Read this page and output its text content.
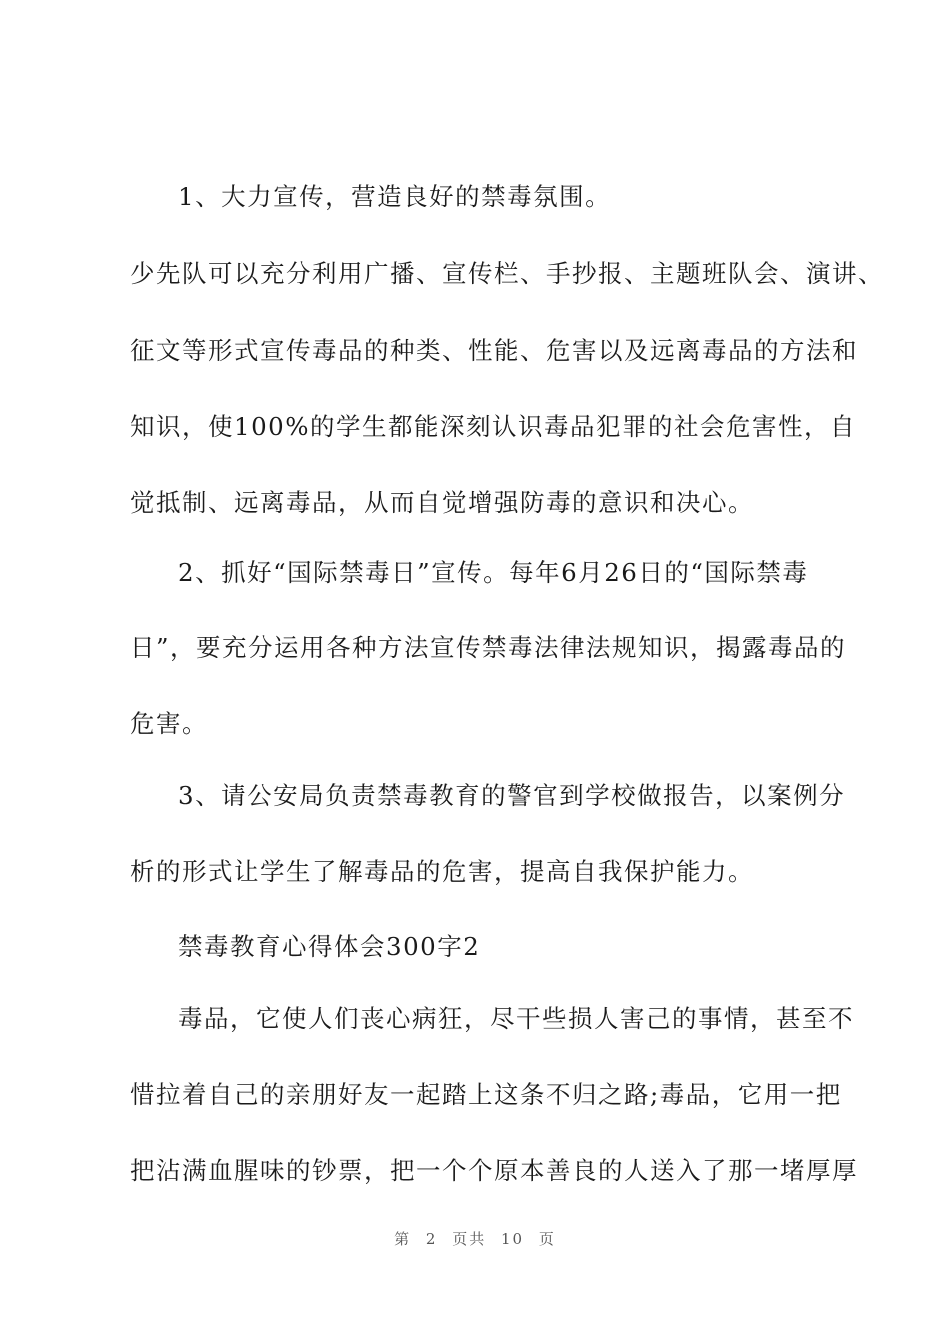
1、大力宣传，营造良好的禁毒氛围。
少先队可以充分利用广播、宣传栏、手抄报、主题班队会、演讲、
征文等形式宣传毒品的种类、性能、危害以及远离毒品的方法和
知识，使100%的学生都能深刻认识毒品犯罪的社会危害性，自
觉抵制、远离毒品，从而自觉增强防毒的意识和决心。
2、抓好“国际禁毒日”宣传。每年6月26日的“国际禁毒
日”，要充分运用各种方法宣传禁毒法律法规知识，揭露毒品的
危害。
3、请公安局负责禁毒教育的警官到学校做报告，以案例分
析的形式让学生了解毒品的危害，提高自我保护能力。
禁毒教育心得体会300字2
毒品，它使人们丧心病狂，尽干些损人害己的事情，甚至不
惜拉着自己的亲朋好友一起踏上这条不归之路;毒品，它用一把
把沾满血腥味的钞票，把一个个原本善良的人送入了那一堵厚厚
第 2 页共 10 页
